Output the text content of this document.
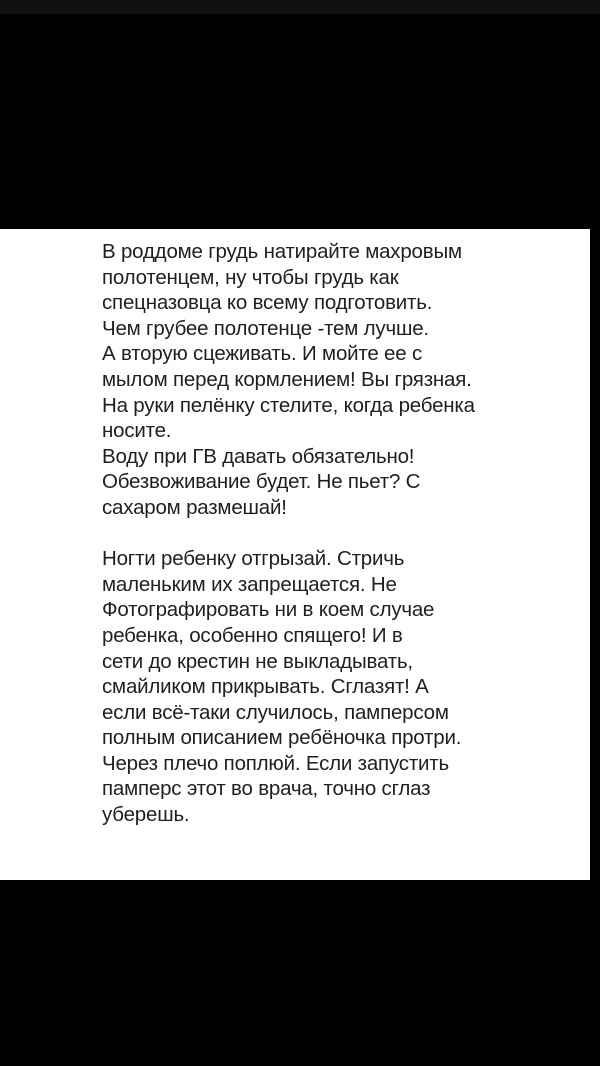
В роддоме грудь натирайте махровым
полотенцем, ну чтобы грудь как
спецназовца ко всему подготовить.
Чем грубее полотенце -тем лучше.
А вторую сцеживать. И мойте ее с
мылом перед кормлением! Вы грязная.
На руки пелёнку стелите, когда ребенка
носите.
Воду при ГВ давать обязательно!
Обезвоживание будет. Не пьет? С
сахаром размешай!
Ногти ребенку отгрызай. Стричь
маленьким их запрещается. Не
Фотографировать ни в коем случае
ребенка, особенно спящего! И в
сети до крестин не выкладывать,
смайликом прикрывать. Сглазят! А
если всё-таки случилось, памперсом
полным описанием ребёночка протри.
Через плечо поплюй. Если запустить
памперс этот во врача, точно сглаз
уберешь.
